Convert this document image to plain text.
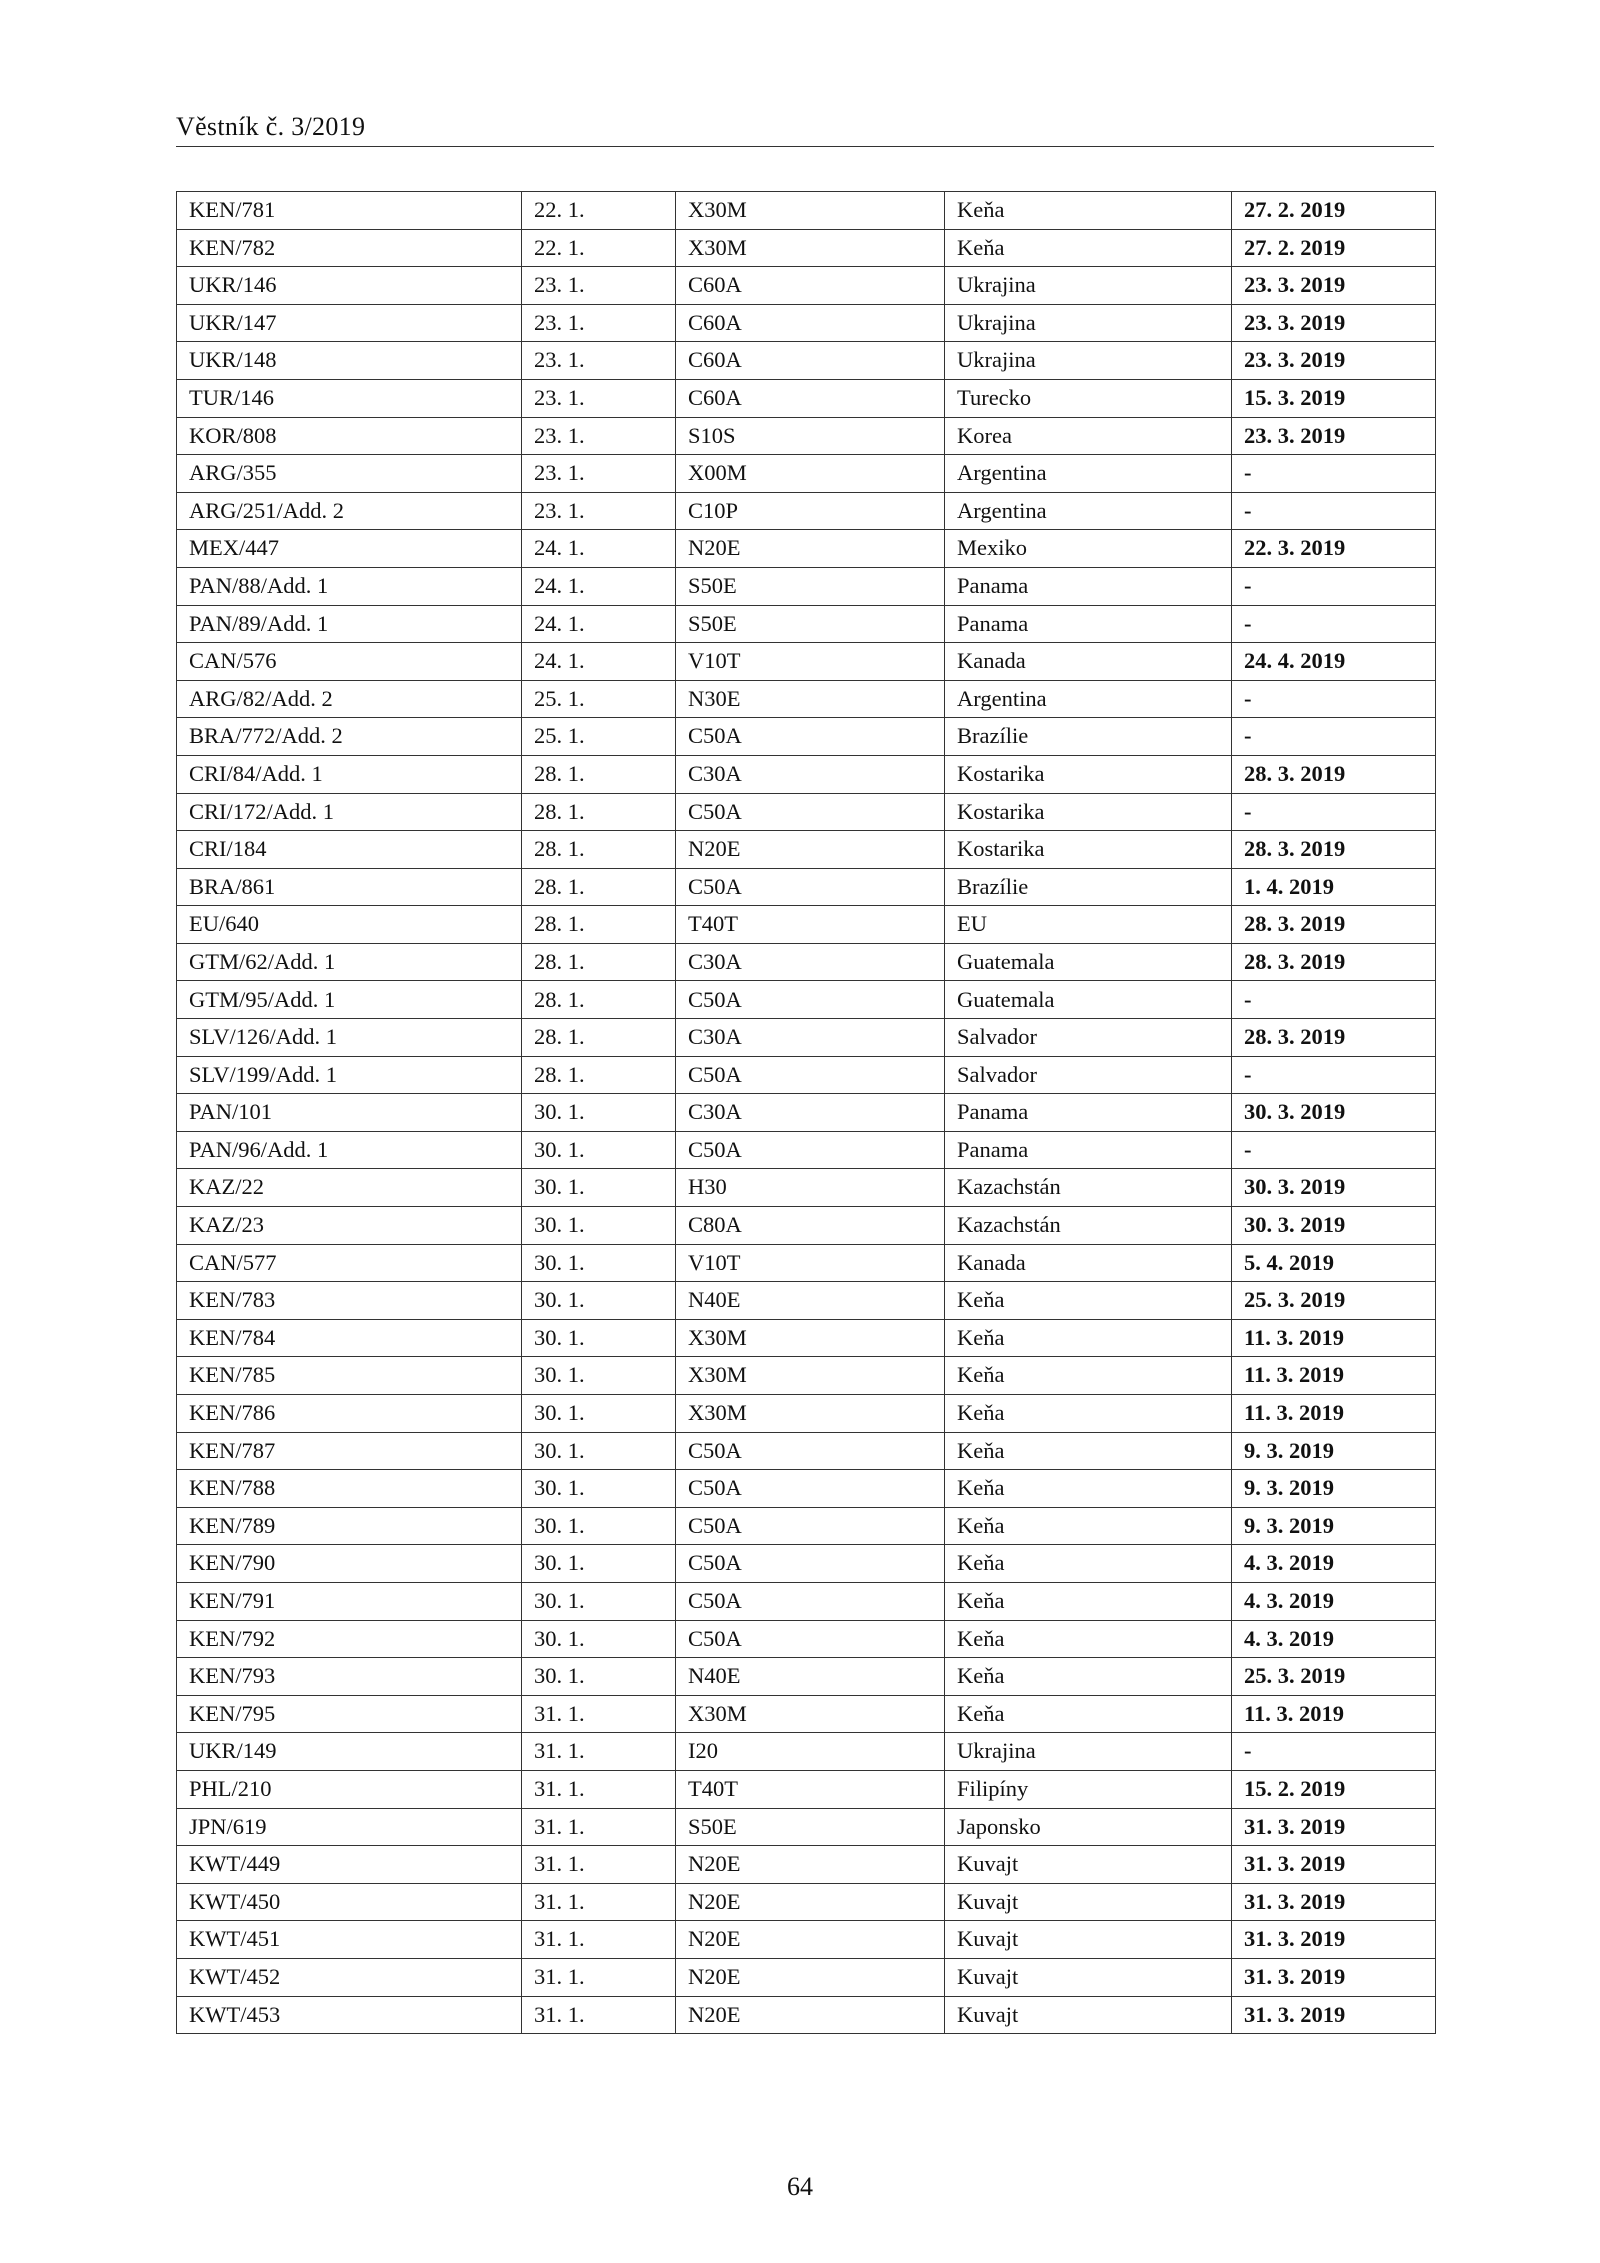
Věstník č. 3/2019
KEN/781	22. 1.	X30M	Keňa	27. 2. 2019
KEN/782	22. 1.	X30M	Keňa	27. 2. 2019
UKR/146	23. 1.	C60A	Ukrajina	23. 3. 2019
UKR/147	23. 1.	C60A	Ukrajina	23. 3. 2019
UKR/148	23. 1.	C60A	Ukrajina	23. 3. 2019
TUR/146	23. 1.	C60A	Turecko	15. 3. 2019
KOR/808	23. 1.	S10S	Korea	23. 3. 2019
ARG/355	23. 1.	X00M	Argentina	-
ARG/251/Add. 2	23. 1.	C10P	Argentina	-
MEX/447	24. 1.	N20E	Mexiko	22. 3. 2019
PAN/88/Add. 1	24. 1.	S50E	Panama	-
PAN/89/Add. 1	24. 1.	S50E	Panama	-
CAN/576	24. 1.	V10T	Kanada	24. 4. 2019
ARG/82/Add. 2	25. 1.	N30E	Argentina	-
BRA/772/Add. 2	25. 1.	C50A	Brazílie	-
CRI/84/Add. 1	28. 1.	C30A	Kostarika	28. 3. 2019
CRI/172/Add. 1	28. 1.	C50A	Kostarika	-
CRI/184	28. 1.	N20E	Kostarika	28. 3. 2019
BRA/861	28. 1.	C50A	Brazílie	1. 4. 2019
EU/640	28. 1.	T40T	EU	28. 3. 2019
GTM/62/Add. 1	28. 1.	C30A	Guatemala	28. 3. 2019
GTM/95/Add. 1	28. 1.	C50A	Guatemala	-
SLV/126/Add. 1	28. 1.	C30A	Salvador	28. 3. 2019
SLV/199/Add. 1	28. 1.	C50A	Salvador	-
PAN/101	30. 1.	C30A	Panama	30. 3. 2019
PAN/96/Add. 1	30. 1.	C50A	Panama	-
KAZ/22	30. 1.	H30	Kazachstán	30. 3. 2019
KAZ/23	30. 1.	C80A	Kazachstán	30. 3. 2019
CAN/577	30. 1.	V10T	Kanada	5. 4. 2019
KEN/783	30. 1.	N40E	Keňa	25. 3. 2019
KEN/784	30. 1.	X30M	Keňa	11. 3. 2019
KEN/785	30. 1.	X30M	Keňa	11. 3. 2019
KEN/786	30. 1.	X30M	Keňa	11. 3. 2019
KEN/787	30. 1.	C50A	Keňa	9. 3. 2019
KEN/788	30. 1.	C50A	Keňa	9. 3. 2019
KEN/789	30. 1.	C50A	Keňa	9. 3. 2019
KEN/790	30. 1.	C50A	Keňa	4. 3. 2019
KEN/791	30. 1.	C50A	Keňa	4. 3. 2019
KEN/792	30. 1.	C50A	Keňa	4. 3. 2019
KEN/793	30. 1.	N40E	Keňa	25. 3. 2019
KEN/795	31. 1.	X30M	Keňa	11. 3. 2019
UKR/149	31. 1.	I20	Ukrajina	-
PHL/210	31. 1.	T40T	Filipíny	15. 2. 2019
JPN/619	31. 1.	S50E	Japonsko	31. 3. 2019
KWT/449	31. 1.	N20E	Kuvajt	31. 3. 2019
KWT/450	31. 1.	N20E	Kuvajt	31. 3. 2019
KWT/451	31. 1.	N20E	Kuvajt	31. 3. 2019
KWT/452	31. 1.	N20E	Kuvajt	31. 3. 2019
KWT/453	31. 1.	N20E	Kuvajt	31. 3. 2019
64
